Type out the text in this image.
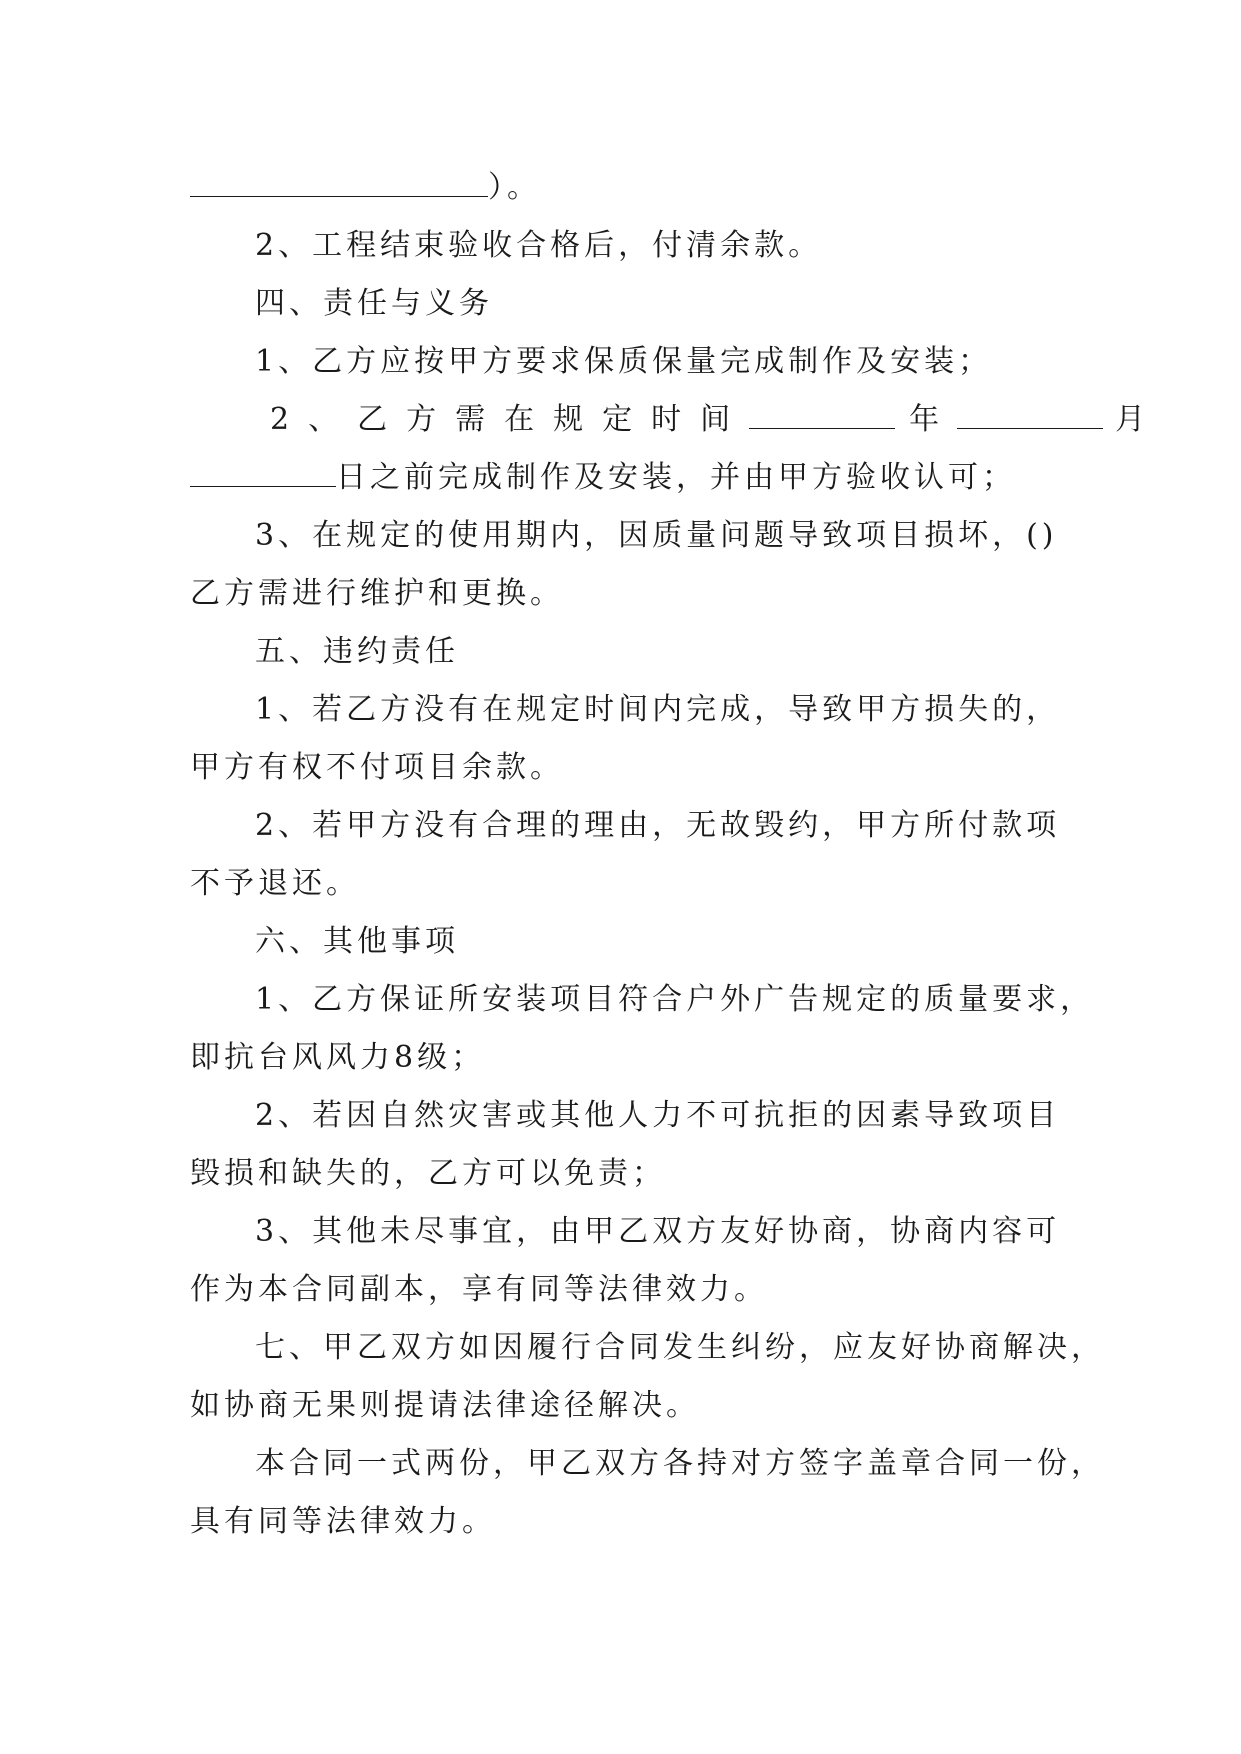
）。
2、工程结束验收合格后，付清余款。
四、责任与义务
1、乙方应按甲方要求保质保量完成制作及安装；
2、乙方需在规定时间	年	月
日之前完成制作及安装，并由甲方验收认可；
3、在规定的使用期内，因质量问题导致项目损坏，()
乙方需进行维护和更换。
五、违约责任
1、若乙方没有在规定时间内完成，导致甲方损失的，
甲方有权不付项目余款。
2、若甲方没有合理的理由，无故毁约，甲方所付款项
不予退还。
六、其他事项
1、乙方保证所安装项目符合户外广告规定的质量要求，
即抗台风风力8级；
2、若因自然灾害或其他人力不可抗拒的因素导致项目
毁损和缺失的，乙方可以免责；
3、其他未尽事宜，由甲乙双方友好协商，协商内容可
作为本合同副本，享有同等法律效力。
七、甲乙双方如因履行合同发生纠纷，应友好协商解决，
如协商无果则提请法律途径解决。
本合同一式两份，甲乙双方各持对方签字盖章合同一份，
具有同等法律效力。
